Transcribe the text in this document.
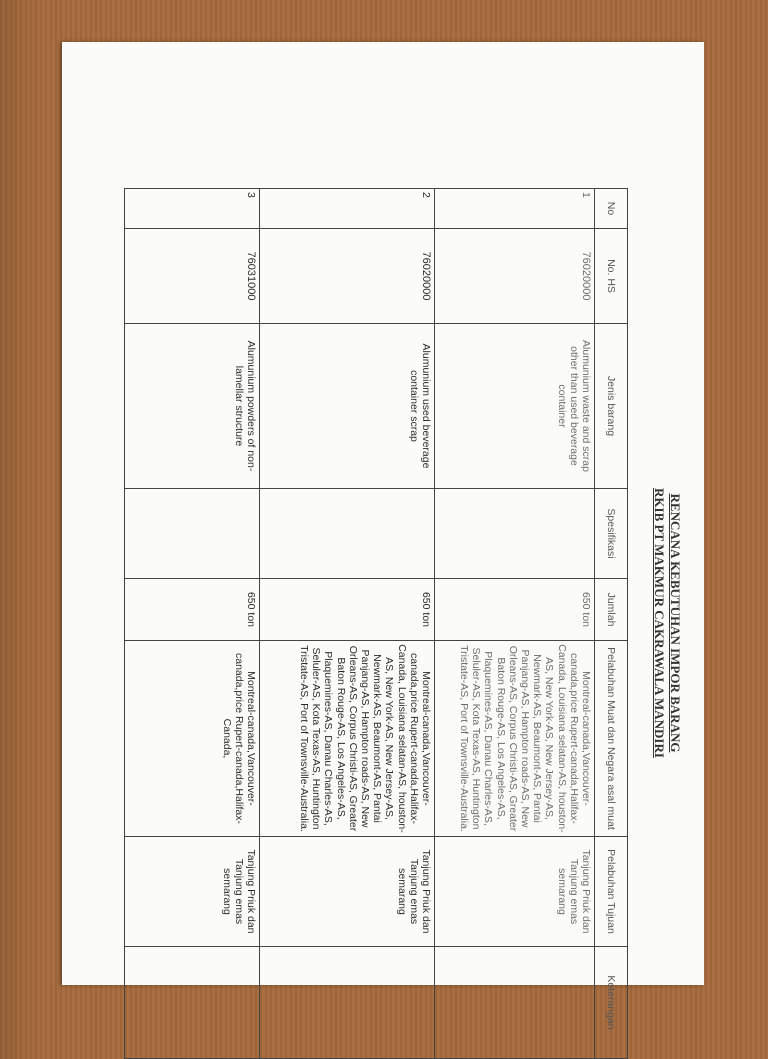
RENCANA KEBUTUHAN IMPOR BARANG
RKIB PT MAKMUR CAKRAWALA MANDIRI
No	No. HS	Jenis barang	Spesifikasi	Jumlah	Pelabuhan Muat dan Negara asal muat	Pelabuhan Tujuan	Keterangan
1	76020000	Alumunium waste and scrap other than used beverage container		650 ton	Montreal-canada,Vancouver-canada,price Rupert-canada,Halifax-Canada, Louisiana selatan-AS, houston-AS, New York-AS, New Jersey-AS, Newmark-AS, Beaumont-AS, Pantai Panjang-AS, Hampton roads-AS, New Orleans-AS, Corpus Christi-AS, Greater Baton Rouge-AS, Los Angeles-AS, Plaquemines-AS, Danau Charles-AS, Seluler-AS, Kota Texas-AS, Huntington Tristate-AS, Port of Townsville-Australia.	Tanjung Priuk dan Tanjung emas semarang	
2	76020000	Alumunium used beverage container scrap		650 ton	Montreal-canada,Vancouver-canada,price Rupert-canada,Halifax-Canada, Louisiana selatan-AS, houston-AS, New York-AS, New Jersey-AS, Newmark-AS, Beaumont-AS, Pantai Panjang-AS, Hampton roads-AS, New Orleans-AS, Corpus Christi-AS, Greater Baton Rouge-AS, Los Angeles-AS, Plaquemines-AS, Danau Charles-AS, Seluler-AS, Kota Texas-AS, Huntington Tristate-AS, Port of Townsville-Australia.	Tanjung Priuk dan Tanjung emas semarang	
3	76031000	Alumunium powders of non-lamellar structure		650 ton	Montreal-canada,Vancouver-canada,price Rupert-canada,Halifax-Canada,	Tanjung Priuk dan Tanjung emas semarang	
